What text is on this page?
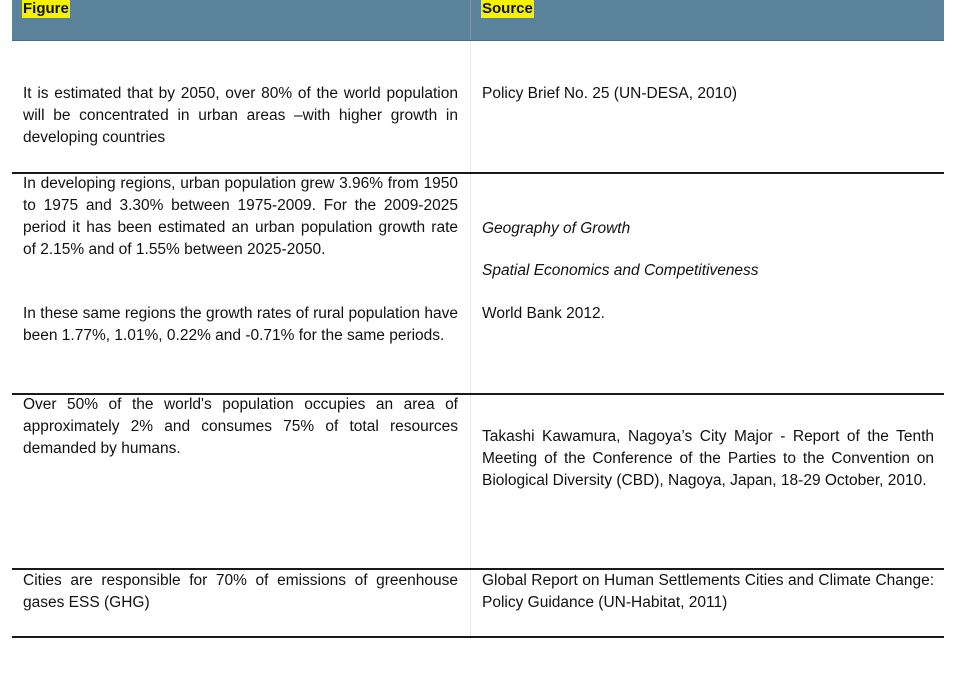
Figure	Source

It is estimated that by 2050, over 80% of the world population will be concentrated in urban areas –with higher growth in developing countries

Policy Brief No. 25 (UN-DESA, 2010)

In developing regions, urban population grew 3.96% from 1950 to 1975 and 3.30% between 1975-2009. For the 2009-2025 period it has been estimated an urban population growth rate of 2.15% and of 1.55% between 2025-2050.

In these same regions the growth rates of rural population have been 1.77%, 1.01%, 0.22% and -0.71% for the same periods.

Geography of Growth

Spatial Economics and Competitiveness

World Bank 2012.

Over 50% of the world's population occupies an area of approximately 2% and consumes 75% of total resources demanded by humans.

Takashi Kawamura, Nagoya’s City Major - Report of the Tenth Meeting of the Conference of the Parties to the Convention on Biological Diversity (CBD), Nagoya, Japan, 18-29 October, 2010.

Cities are responsible for 70% of emissions of greenhouse gases ESS (GHG)

Global Report on Human Settlements Cities and Climate Change: Policy Guidance (UN-Habitat, 2011)
